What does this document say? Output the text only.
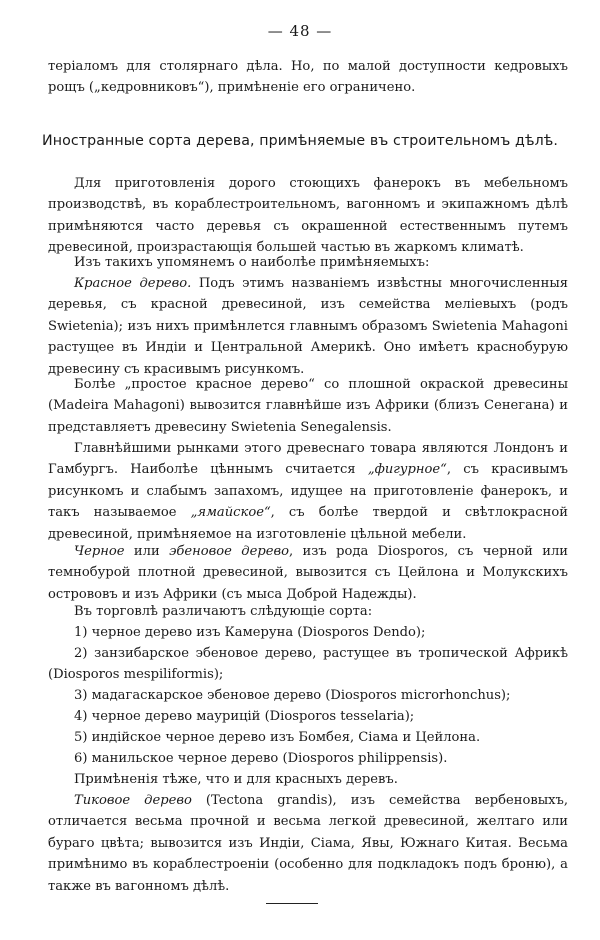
— 48 —

теріаломъ для столярнаго дѣла. Но, по малой доступности кедровыхъ рощъ („кедровниковъ“), примѣненіе его ограничено.

Иностранные сорта дерева, примѣняемые въ строительномъ дѣлѣ.

Для приготовленія дорого стоющихъ фанерокъ въ мебельномъ производствѣ, въ кораблестроительномъ, вагонномъ и экипажномъ дѣлѣ примѣняются часто деревья съ окрашенной естественнымъ путемъ древесиной, произрастающія большей частью въ жаркомъ климатѣ.

Изъ такихъ упомянемъ о наиболѣе примѣняемыхъ:

Красное дерево. Подъ этимъ названіемъ извѣстны многочисленныя деревья, съ красной древесиной, изъ семейства меліевыхъ (родъ Swietenia); изъ нихъ примѣнлется главнымъ образомъ Swietenia Mahagoni растущее въ Индіи и Центральной Америкѣ. Оно имѣетъ краснобурую древесину съ красивымъ рисункомъ.

Болѣе „простое красное дерево“ со плошной окраской древесины (Madeira Mahagoni) вывозится главнѣйше изъ Африки (близъ Сенегана) и представляетъ древесину Swietenia Senegalensis.

Главнѣйшими рынками этого древеснаго товара являются Лондонъ и Гамбургъ. Наиболѣе цѣннымъ считается „фигурное“, съ красивымъ рисункомъ и слабымъ запахомъ, идущее на приготовленіе фанерокъ, и такъ называемое „ямайское“, съ болѣе твердой и свѣтлокрасной древесиной, примѣняемое на изготовленіе цѣльной мебели.

Черное или эбеновое дерево, изъ рода Diosporos, съ черной или темнобурой плотной древесиной, вывозится съ Цейлона и Молукскихъ острововъ и изъ Африки (съ мыса Доброй Надежды).

Въ торговлѣ различаютъ слѣдующіе сорта:

1) черное дерево изъ Камеруна (Diosporos Dendo);

2) занзибарское эбеновое дерево, растущее въ тропической Африкѣ (Diosporos mespiliformis);

3) мадагаскарское эбеновое дерево (Diosporos microrhonchus);

4) черное дерево маурицій (Diosporos tesselaria);

5) индійское черное дерево изъ Бомбея, Сіама и Цейлона.

6) манильское черное дерево (Diosporos philippensis).

Примѣненія тѣже, что и для красныхъ деревъ.

Тиковое дерево (Tectona grandis), изъ семейства вербеновыхъ, отличается весьма прочной и весьма легкой древесиной, желтаго или бураго цвѣта; вывозится изъ Индіи, Сіама, Явы, Южнаго Китая. Весьма примѣнимо въ кораблестроеніи (особенно для подкладокъ подъ броню), а также въ вагонномъ дѣлѣ.
